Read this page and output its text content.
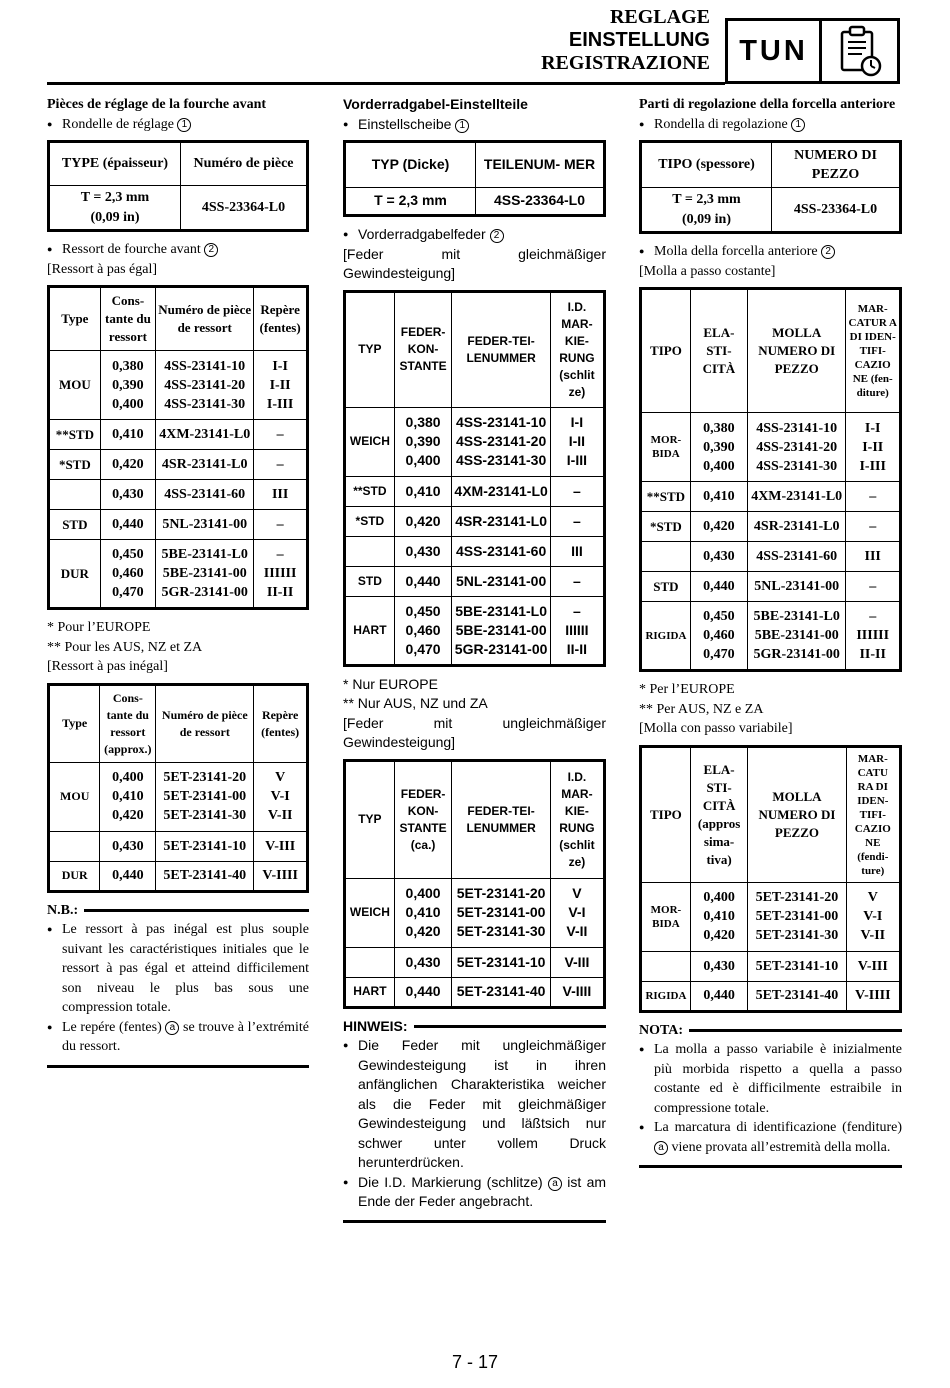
REGLAGE
EINSTELLUNG
REGISTRAZIONE	TUN
Pièces de réglage de la fourche avant
● Rondelle de réglage 1
TYPE (épaisseur)	Numéro de pièce

T = 2,3 mm
(0,09 in)	4SS-23364-L0
● Ressort de fourche avant 2
[Ressort à pas égal]
Type	Cons- tante du ressort	Numéro de pièce de ressort	Repère (fentes)
MOU	0,380
0,390
0,400	4SS-23141-10
4SS-23141-20
4SS-23141-30	I-I
I-II
I-III

**STD	0,410	4XM-23141-L0	–

*STD	0,420	4SR-23141-L0	–

	0,430	4SS-23141-60	III

STD	0,440	5NL-23141-00	–

DUR	0,450
0,460
0,470	5BE-23141-L0
5BE-23141-00
5GR-23141-00	–
IIIIII
II-II
* Pour l’EUROPE
** Pour les AUS, NZ et ZA
[Ressort à pas inégal]
Type	Cons- tante du ressort (approx.)	Numéro de pièce de ressort	Repère (fentes)
MOU	0,400
0,410
0,420	5ET-23141-20
5ET-23141-00
5ET-23141-30	V
V-I
V-II

	0,430	5ET-23141-10	V-III

DUR	0,440	5ET-23141-40	V-IIII
N.B.:
● Le ressort à pas inégal est plus souple suivant les caractéristiques initiales que le ressort à pas égal et atteind difficilement son niveau le plus bas sous une compression totale.
● Le repére (fentes) a se trouve à l’extrémité du ressort.
Vorderradgabel-Einstellteile
● Einstellscheibe 1
TYP (Dicke)	TEILENUM- MER
T = 2,3 mm	4SS-23364-L0
● Vorderradgabelfeder 2
[Feder mit gleichmäßiger Gewindesteigung]
TYP	FEDER- KON- STANTE	FEDER-TEI- LENUMMER	I.D. MAR- KIE- RUNG (schlit ze)
WEICH	0,380
0,390
0,400	4SS-23141-10
4SS-23141-20
4SS-23141-30	I-I
I-II
I-III

**STD	0,410	4XM-23141-L0	–

*STD	0,420	4SR-23141-L0	–

	0,430	4SS-23141-60	III

STD	0,440	5NL-23141-00	–

HART	0,450
0,460
0,470	5BE-23141-L0
5BE-23141-00
5GR-23141-00	–
IIIIII
II-II
* Nur EUROPE
** Nur AUS, NZ und ZA
[Feder mit ungleichmäßiger Gewindesteigung]
TYP	FEDER- KON- STANTE (ca.)	FEDER-TEI- LENUMMER	I.D. MAR- KIE- RUNG (schlit ze)
WEICH	0,400
0,410
0,420	5ET-23141-20
5ET-23141-00
5ET-23141-30	V
V-I
V-II

	0,430	5ET-23141-10	V-III

HART	0,440	5ET-23141-40	V-IIII
HINWEIS:
● Die Feder mit ungleichmäßiger Gewindesteigung ist in ihren anfänglichen Charakteristika weicher als die Feder mit gleichmäßiger Gewindesteigung und läßtsich nur schwer unter vollem Druck herunterdrücken.
● Die I.D. Markierung (schlitze) a ist am Ende der Feder angebracht.
Parti di regolazione della forcella anteriore
● Rondella di regolazione 1
TIPO (spessore)	NUMERO DI PEZZO

T = 2,3 mm
(0,09 in)	4SS-23364-L0
● Molla della forcella anteriore 2
[Molla a passo costante]
TIPO	ELA- STI- CITÀ	MOLLA NUMERO DI PEZZO	MAR- CATUR A DI IDEN- TIFI- CAZIO NE (fen- diture)
MOR- BIDA	0,380
0,390
0,400	4SS-23141-10
4SS-23141-20
4SS-23141-30	I-I
I-II
I-III

**STD	0,410	4XM-23141-L0	–

*STD	0,420	4SR-23141-L0	–

	0,430	4SS-23141-60	III

STD	0,440	5NL-23141-00	–

RIGIDA	0,450
0,460
0,470	5BE-23141-L0
5BE-23141-00
5GR-23141-00	–
IIIIII
II-II
* Per l’EUROPE
** Per AUS, NZ e ZA
[Molla con passo variabile]
TIPO	ELA- STI- CITÀ (appros sima- tiva)	MOLLA NUMERO DI PEZZO	MAR- CATU RA DI IDEN- TIFI- CAZIO NE (fendi- ture)
MOR- BIDA	0,400
0,410
0,420	5ET-23141-20
5ET-23141-00
5ET-23141-30	V
V-I
V-II

	0,430	5ET-23141-10	V-III

RIGIDA	0,440	5ET-23141-40	V-IIII
NOTA:
● La molla a passo variabile è inizialmente più morbida rispetto a quella a passo costante ed è difficilmente estraibile in compressione totale.
● La marcatura di identificazione (fenditure) a viene provata all’estremità della molla.
7 - 17
